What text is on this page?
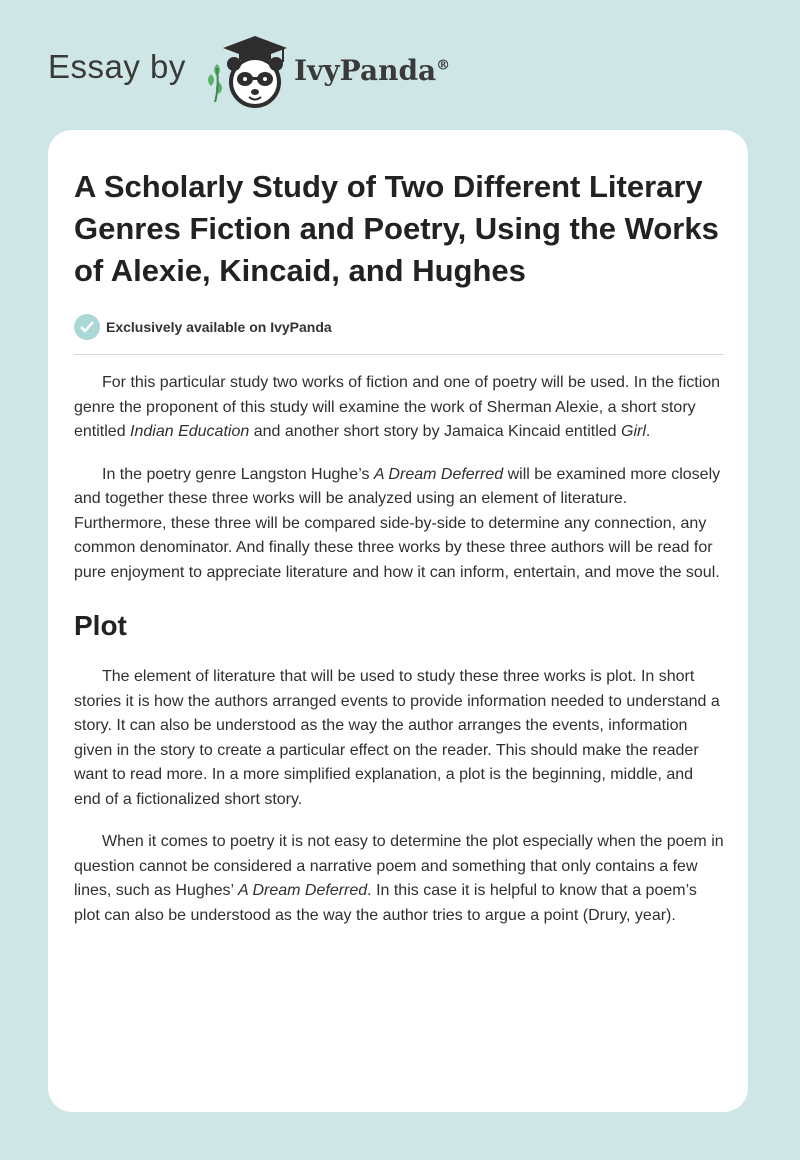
Essay by	IvyPanda®
A Scholarly Study of Two Different Literary Genres Fiction and Poetry, Using the Works of Alexie, Kincaid, and Hughes
Exclusively available on IvyPanda

For this particular study two works of fiction and one of poetry will be used. In the fiction genre the proponent of this study will examine the work of Sherman Alexie, a short story entitled Indian Education and another short story by Jamaica Kincaid entitled Girl.

In the poetry genre Langston Hughe’s A Dream Deferred will be examined more closely and together these three works will be analyzed using an element of literature. Furthermore, these three will be compared side-by-side to determine any connection, any common denominator. And finally these three works by these three authors will be read for pure enjoyment to appreciate literature and how it can inform, entertain, and move the soul.

Plot

The element of literature that will be used to study these three works is plot. In short stories it is how the authors arranged events to provide information needed to understand a story. It can also be understood as the way the author arranges the events, information given in the story to create a particular effect on the reader. This should make the reader want to read more. In a more simplified explanation, a plot is the beginning, middle, and end of a fictionalized short story.

When it comes to poetry it is not easy to determine the plot especially when the poem in question cannot be considered a narrative poem and something that only contains a few lines, such as Hughes’ A Dream Deferred. In this case it is helpful to know that a poem’s plot can also be understood as the way the author tries to argue a point (Drury, year).
